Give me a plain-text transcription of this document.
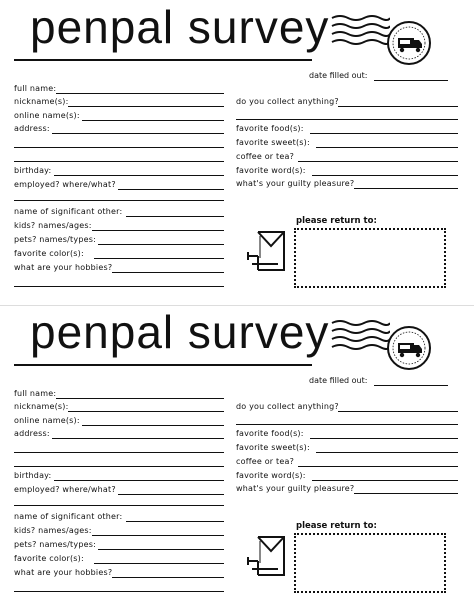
penpal survey
date filled out:
full name:
nickname(s):
online name(s):
address:
birthday:
employed? where/what?
name of significant other:
kids? names/ages:
pets? names/types:
favorite color(s):
what are your hobbies?
do you collect anything?
favorite food(s):
favorite sweet(s):
coffee or tea?
favorite word(s):
what's your guilty pleasure?
please return to:
penpal survey
date filled out:
full name:
nickname(s):
online name(s):
address:
birthday:
employed? where/what?
name of significant other:
kids? names/ages:
pets? names/types:
favorite color(s):
what are your hobbies?
do you collect anything?
favorite food(s):
favorite sweet(s):
coffee or tea?
favorite word(s):
what's your guilty pleasure?
please return to:
